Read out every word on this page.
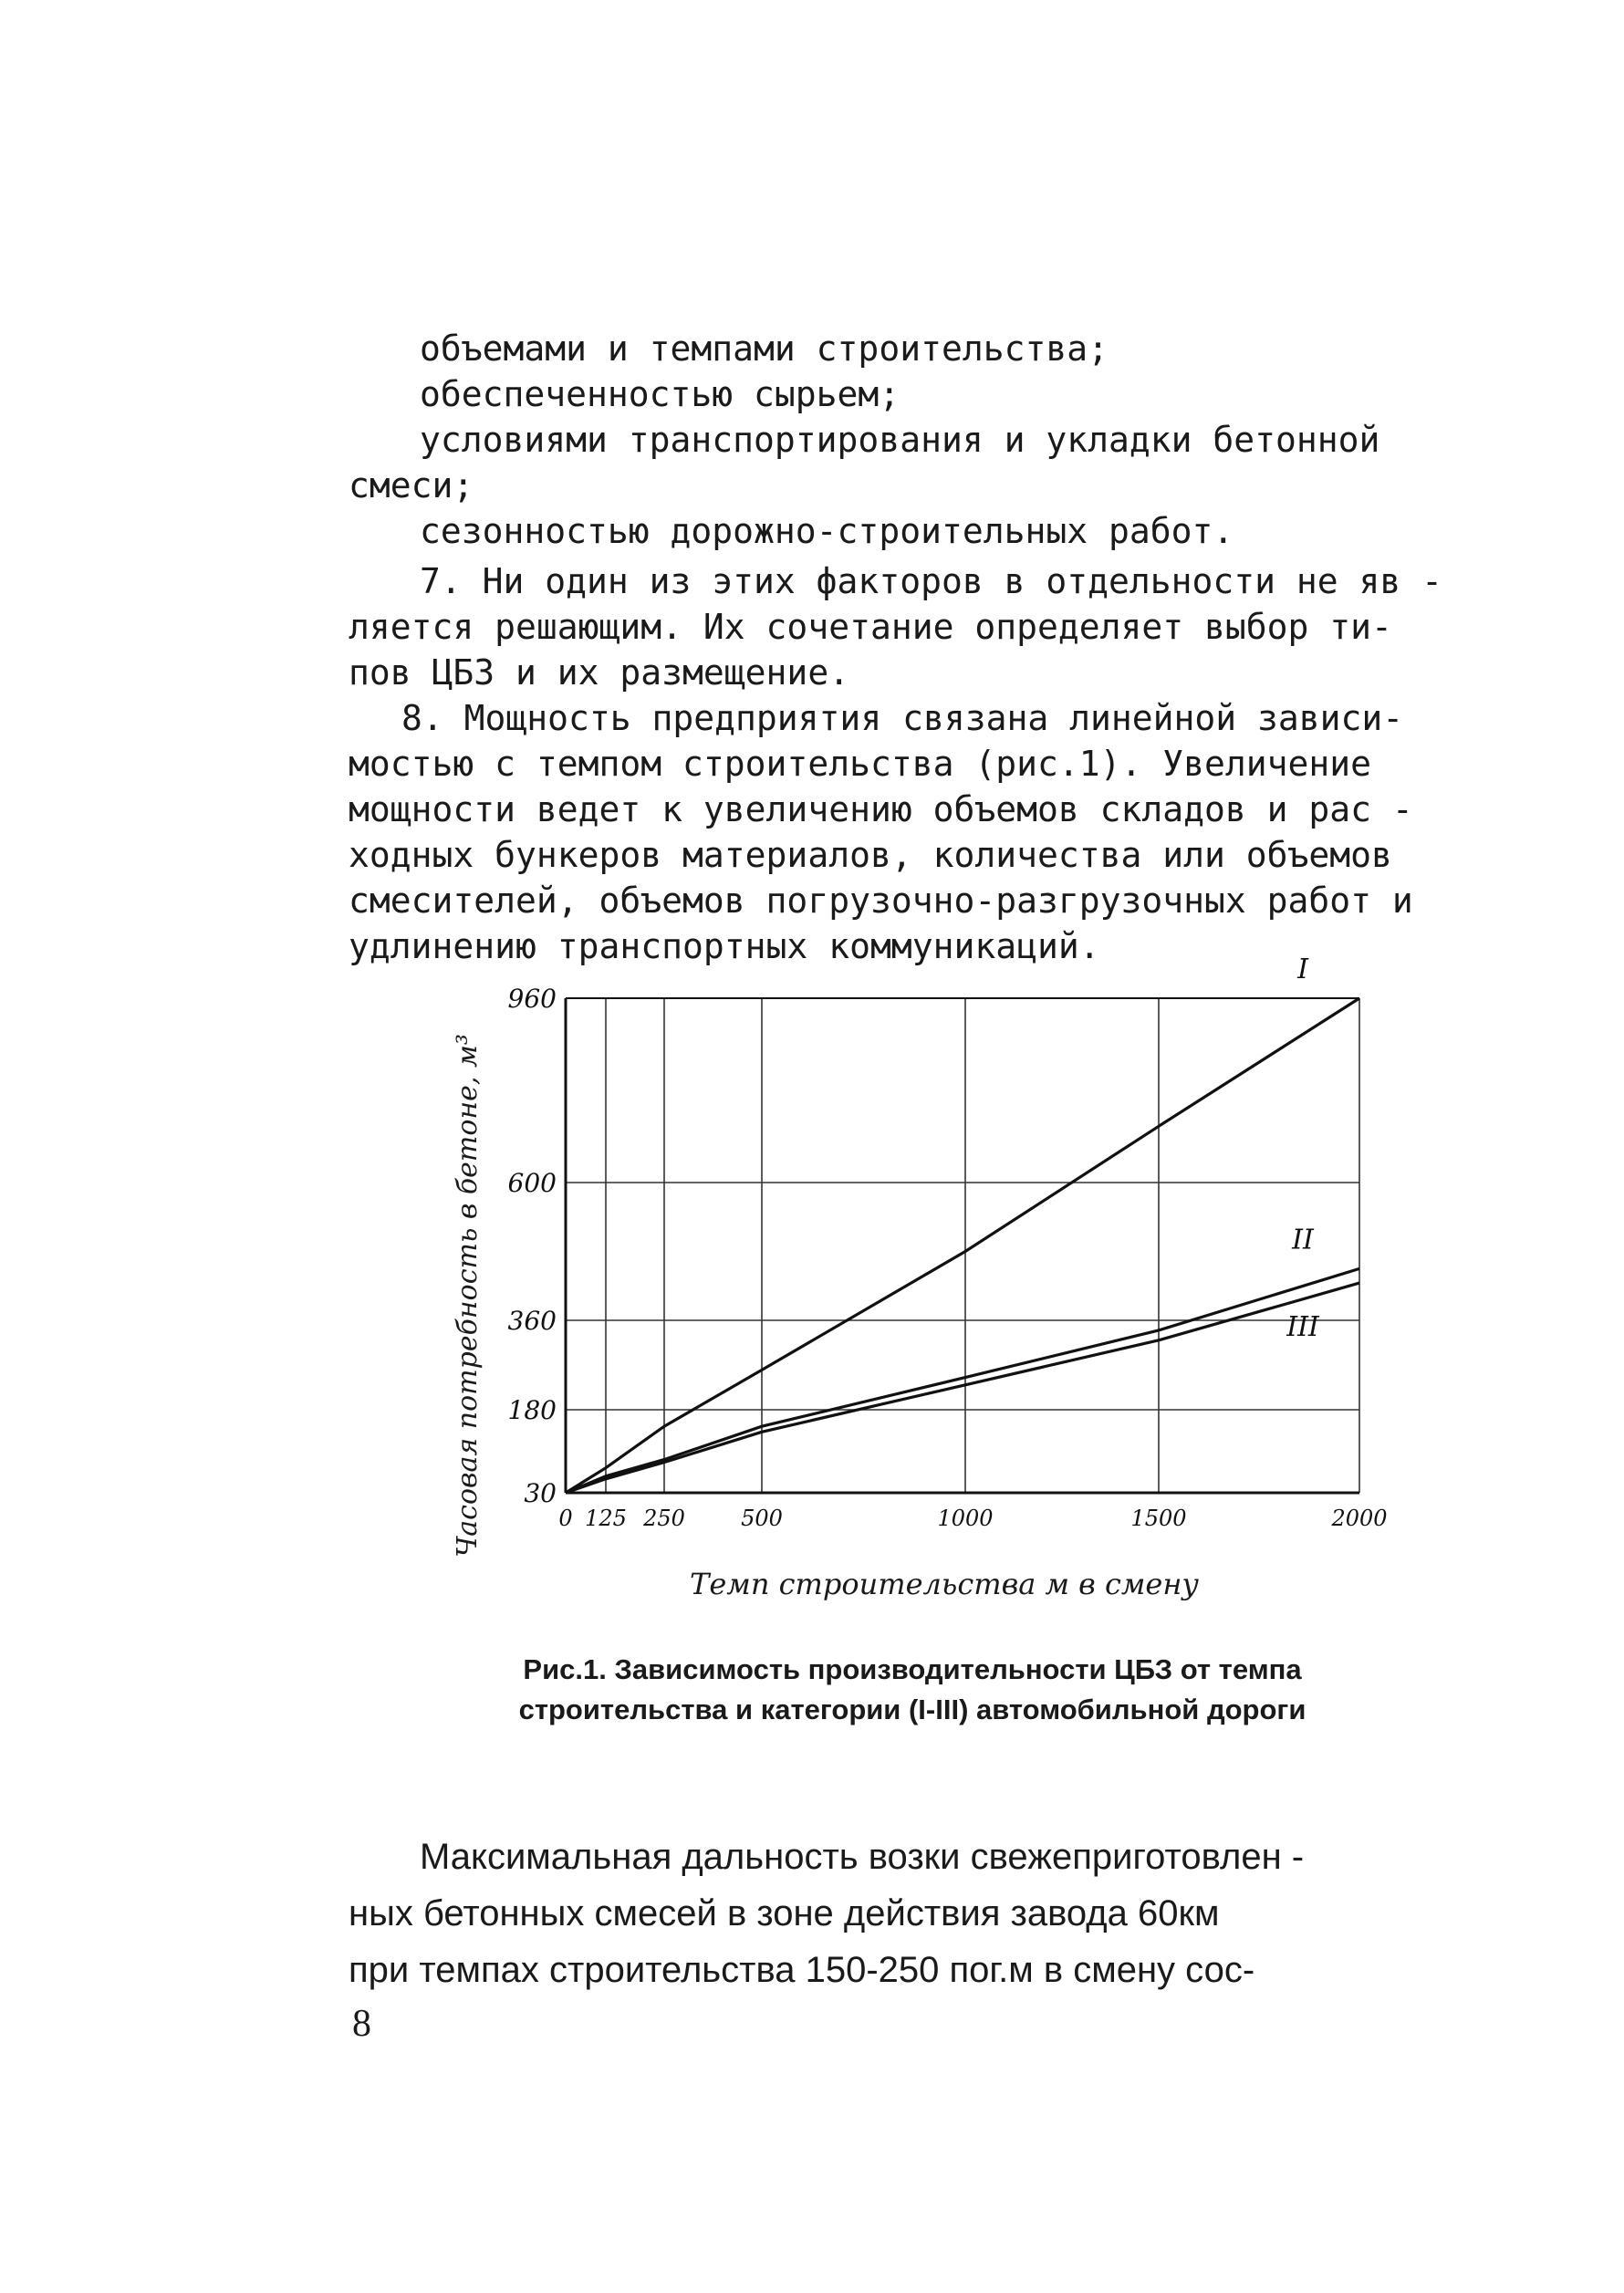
объемами и темпами строительства;
обеспеченностью сырьем;
условиями транспортирования и укладки бетонной
смеси;
сезонностью дорожно-строительных работ.
7. Ни один из этих факторов в отдельности не яв -
ляется решающим. Их сочетание определяет выбор ти-
пов ЦБЗ и их размещение.
8. Мощность предприятия связана линейной зависи-
мостью с темпом строительства (рис.1). Увеличение
мощности ведет к увеличению объемов складов и рас -
ходных бункеров материалов, количества или объемов
смесителей, объемов погрузочно-разгрузочных работ и
удлинению транспортных коммуникаций.
0 125 250	500	1000	1500	2000
30
180
360
600
960
I
II
III
Часовая потребность в бетоне, м³
Темп строительства м в смену
Рис.1. Зависимость производительности ЦБЗ от темпа строительства и категории (I-III) автомобильной дороги
Максимальная дальность возки свежеприготовлен -
ных бетонных смесей в зоне действия завода 60км
при темпах строительства 150-250 пог.м в смену сос-
8
